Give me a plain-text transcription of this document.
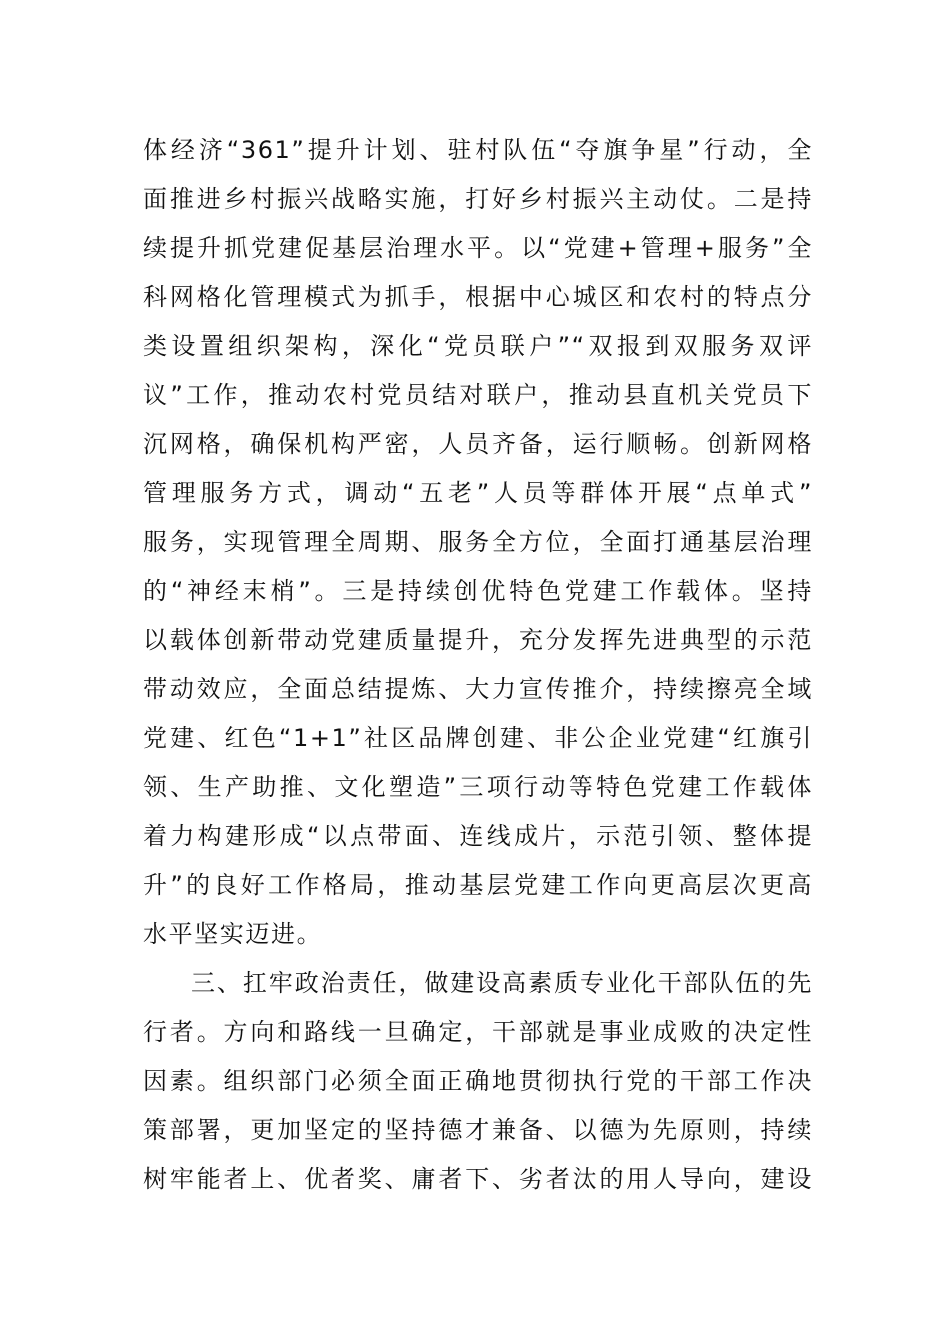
体经济“361”提升计划、驻村队伍“夺旗争星”行动，全
面推进乡村振兴战略实施，打好乡村振兴主动仗。二是持
续提升抓党建促基层治理水平。以“党建+管理+服务”全
科网格化管理模式为抓手，根据中心城区和农村的特点分
类设置组织架构，深化“党员联户”“双报到双服务双评
议”工作，推动农村党员结对联户，推动县直机关党员下
沉网格，确保机构严密，人员齐备，运行顺畅。创新网格
管理服务方式，调动“五老”人员等群体开展“点单式”
服务，实现管理全周期、服务全方位，全面打通基层治理
的“神经末梢”。三是持续创优特色党建工作载体。坚持
以载体创新带动党建质量提升，充分发挥先进典型的示范
带动效应，全面总结提炼、大力宣传推介，持续擦亮全域
党建、红色“1+1”社区品牌创建、非公企业党建“红旗引
领、生产助推、文化塑造”三项行动等特色党建工作载体
着力构建形成“以点带面、连线成片，示范引领、整体提
升”的良好工作格局，推动基层党建工作向更高层次更高
水平坚实迈进。
三、扛牢政治责任，做建设高素质专业化干部队伍的先
行者。方向和路线一旦确定，干部就是事业成败的决定性
因素。组织部门必须全面正确地贯彻执行党的干部工作决
策部署，更加坚定的坚持德才兼备、以德为先原则，持续
树牢能者上、优者奖、庸者下、劣者汰的用人导向，建设
